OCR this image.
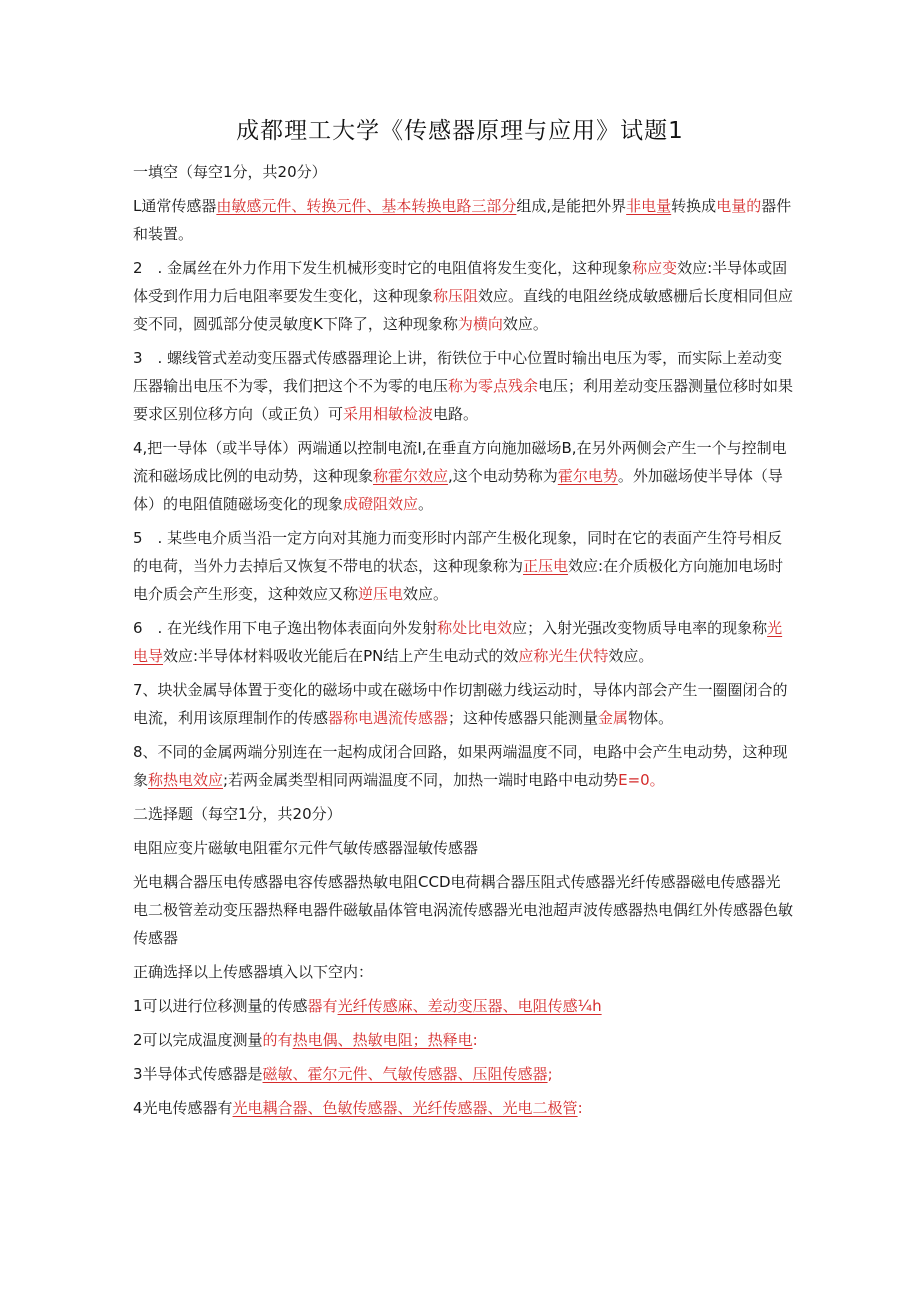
成都理工大学《传感器原理与应用》试题1
一填空（每空1分，共20分）
L通常传感器由敏感元件、转换元件、基本转换电路三部分组成,是能把外界非电量转换成电量的器件和装置。
2　. 金属丝在外力作用下发生机械形变时它的电阻值将发生变化，这种现象称应变效应:半导体或固体受到作用力后电阻率要发生变化，这种现象称压阻效应。直线的电阻丝绕成敏感栅后长度相同但应变不同，圆弧部分使灵敏度K下降了，这种现象称为横向效应。
3　. 螺线管式差动变压器式传感器理论上讲，衔铁位于中心位置时输出电压为零，而实际上差动变压器输出电压不为零，我们把这个不为零的电压称为零点残余电压；利用差动变压器测量位移时如果要求区别位移方向（或正负）可采用相敏检波电路。
4,把一导体（或半导体）两端通以控制电流I,在垂直方向施加磁场B,在另外两侧会产生一个与控制电流和磁场成比例的电动势，这种现象称霍尔效应,这个电动势称为霍尔电势。外加磁场使半导体（导体）的电阻值随磁场变化的现象成磴阻效应。
5　. 某些电介质当沿一定方向对其施力而变形时内部产生极化现象，同时在它的表面产生符号相反的电荷，当外力去掉后又恢复不带电的状态，这种现象称为正压电效应:在介质极化方向施加电场时电介质会产生形变，这种效应又称逆压电效应。
6　. 在光线作用下电子逸出物体表面向外发射称处比电效应；入射光强改变物质导电率的现象称光电导效应:半导体材料吸收光能后在PN结上产生电动式的效应称光生伏特效应。
7、块状金属导体置于变化的磁场中或在磁场中作切割磁力线运动时，导体内部会产生一圈圈闭合的电流，利用该原理制作的传感器称电遇流传感器；这种传感器只能测量金属物体。
8、不同的金属两端分别连在一起构成闭合回路，如果两端温度不同，电路中会产生电动势，这种现象称热电效应;若两金属类型相同两端温度不同，加热一端时电路中电动势E=0。
二选择题（每空1分，共20分）
电阻应变片磁敏电阻霍尔元件气敏传感器湿敏传感器
光电耦合器压电传感器电容传感器热敏电阻CCD电荷耦合器压阻式传感器光纤传感器磁电传感器光电二极管差动变压器热释电器件磁敏晶体管电涡流传感器光电池超声波传感器热电偶红外传感器色敏传感器
正确选择以上传感器填入以下空内：
1可以进行位移测量的传感器有光纤传感麻、差动变压器、电阻传感¼h
2可以完成温度测量的有热电偶、热敏电阻；热释电:
3半导体式传感器是磁敏、霍尔元件、气敏传感器、压阻传感器;
4光电传感器有光电耦合器、色敏传感器、光纤传感器、光电二极管:
